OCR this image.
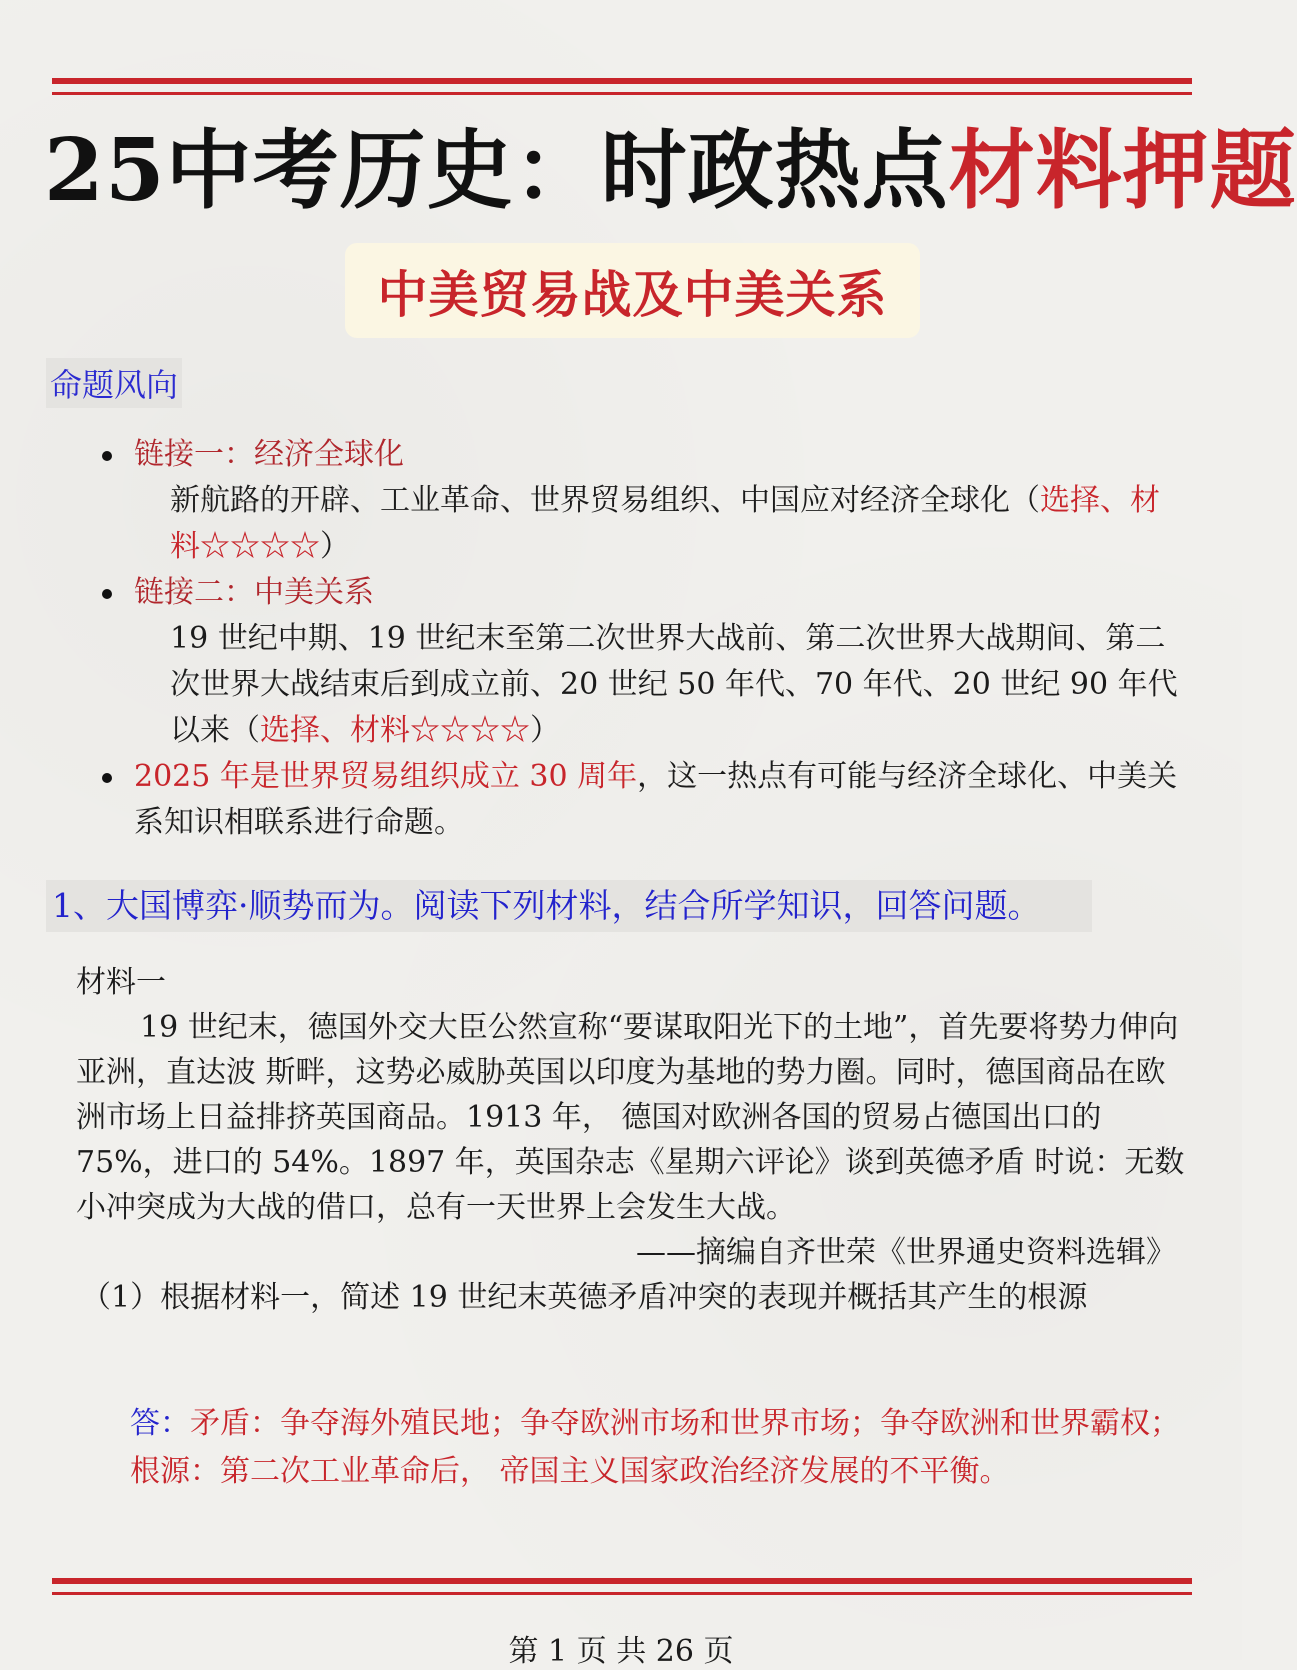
25中考历史：时政热点材料押题
中美贸易战及中美关系
命题风向
链接一：经济全球化
新航路的开辟、工业革命、世界贸易组织、中国应对经济全球化（选择、材料☆☆☆☆）
链接二：中美关系
19 世纪中期、19 世纪末至第二次世界大战前、第二次世界大战期间、第二次世界大战结束后到成立前、20 世纪 50 年代、70 年代、20 世纪 90 年代以来（选择、材料☆☆☆☆）
2025 年是世界贸易组织成立 30 周年，这一热点有可能与经济全球化、中美关系知识相联系进行命题。
1、大国博弈·顺势而为。阅读下列材料，结合所学知识，回答问题。
材料一
19 世纪末，德国外交大臣公然宣称“要谋取阳光下的土地”，首先要将势力伸向亚洲，直达波 斯畔，这势必威胁英国以印度为基地的势力圈。同时，德国商品在欧洲市场上日益排挤英国商品。1913 年， 德国对欧洲各国的贸易占德国出口的 75%，进口的 54%。1897 年，英国杂志《星期六评论》谈到英德矛盾 时说：无数小冲突成为大战的借口，总有一天世界上会发生大战。
——摘编自齐世荣《世界通史资料选辑》
（1）根据材料一，简述 19 世纪末英德矛盾冲突的表现并概括其产生的根源
答：矛盾：争夺海外殖民地；争夺欧洲市场和世界市场；争夺欧洲和世界霸权；根源：第二次工业革命后， 帝国主义国家政治经济发展的不平衡。
第 1 页 共 26 页
